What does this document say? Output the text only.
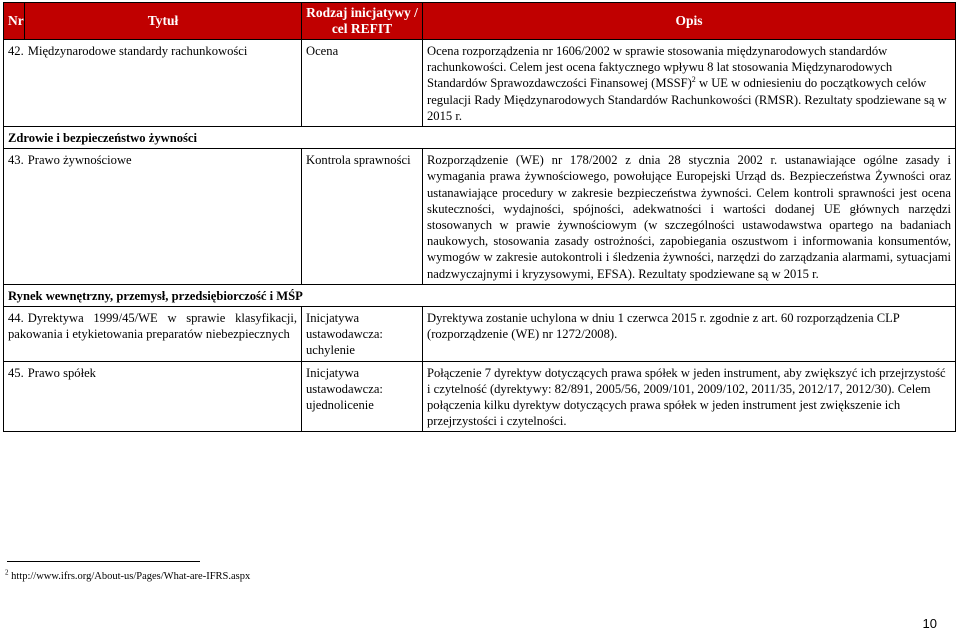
Nr	Tytuł	Rodzaj inicjatywy / cel REFIT	Opis
42. Międzynarodowe standardy rachunkowości		Ocena	Ocena rozporządzenia nr 1606/2002 w sprawie stosowania międzynarodowych standardów rachunkowości. Celem jest ocena faktycznego wpływu 8 lat stosowania Międzynarodowych Standardów Sprawozdawczości Finansowej (MSSF)$^2$ w UE w odniesieniu do początkowych celów regulacji Rady Międzynarodowych Standardów Rachunkowości (RMSR). Rezultaty spodziewane są w 2015 r.
Zdrowie i bezpieczeństwo żywności			
43. Prawo żywnościowe		Kontrola sprawności	Rozporządzenie (WE) nr 178/2002 z dnia 28 stycznia 2002 r. ustanawiające ogólne zasady i wymagania prawa żywnościowego, powołujące Europejski Urząd ds. Bezpieczeństwa Żywności oraz ustanawiające procedury w zakresie bezpieczeństwa żywności. Celem kontroli sprawności jest ocena skuteczności, wydajności, spójności, adekwatności i wartości dodanej UE głównych narzędzi stosowanych w prawie żywnościowym (w szczególności ustawodawstwa opartego na badaniach naukowych, stosowania zasady ostrożności, zapobiegania oszustwom i informowania konsumentów, wymogów w zakresie autokontroli i śledzenia żywności, narzędzi do zarządzania alarmami, sytuacjami nadzwyczajnymi i kryzysowymi, EFSA). Rezultaty spodziewane są w 2015 r.
Rynek wewnętrzny, przemysł, przedsiębiorczość i MŚP			
44. Dyrektywa 1999/45/WE w sprawie klasyfikacji, pakowania i etykietowania preparatów niebezpiecznych		Inicjatywa ustawodawcza: uchylenie	Dyrektywa zostanie uchylona w dniu 1 czerwca 2015 r. zgodnie z art. 60 rozporządzenia CLP (rozporządzenie (WE) nr 1272/2008).
45. Prawo spółek		Inicjatywa ustawodawcza: ujednolicenie	Połączenie 7 dyrektyw dotyczących prawa spółek w jeden instrument, aby zwiększyć ich przejrzystość i czytelność (dyrektywy: 82/891, 2005/56, 2009/101, 2009/102, 2011/35, 2012/17, 2012/30). Celem połączenia kilku dyrektyw dotyczących prawa spółek w jeden instrument jest zwiększenie ich przejrzystości i czytelności.
$^2$ http://www.ifrs.org/About-us/Pages/What-are-IFRS.aspx
10
